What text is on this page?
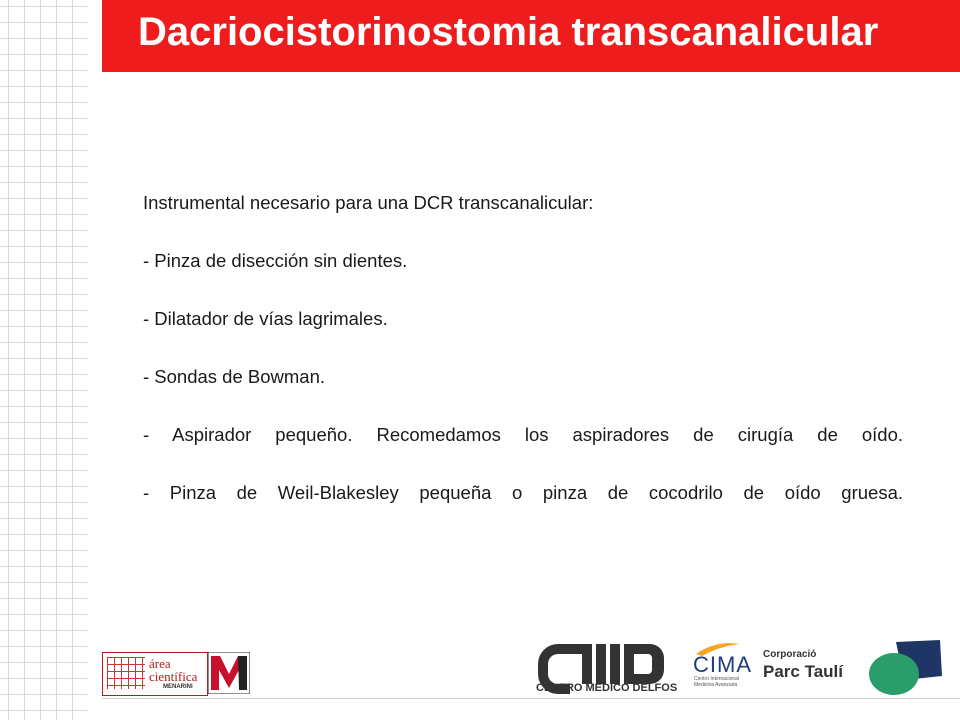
Dacriocistorinostomia transcanalicular

Instrumental necesario para una DCR transcanalicular:

- Pinza de disección sin dientes.

- Dilatador de vías lagrimales.

- Sondas de Bowman.

- Aspirador pequeño. Recomedamos los aspiradores de cirugía de oído.

- Pinza de Weil-Blakesley pequeña o pinza de cocodrilo de oído gruesa.

área
científica
MENARINI	CENTRO MÉDICO DELFOS
CIMA
Centro Internacional Medicina Avanzada
Corporació
Parc Taulí
